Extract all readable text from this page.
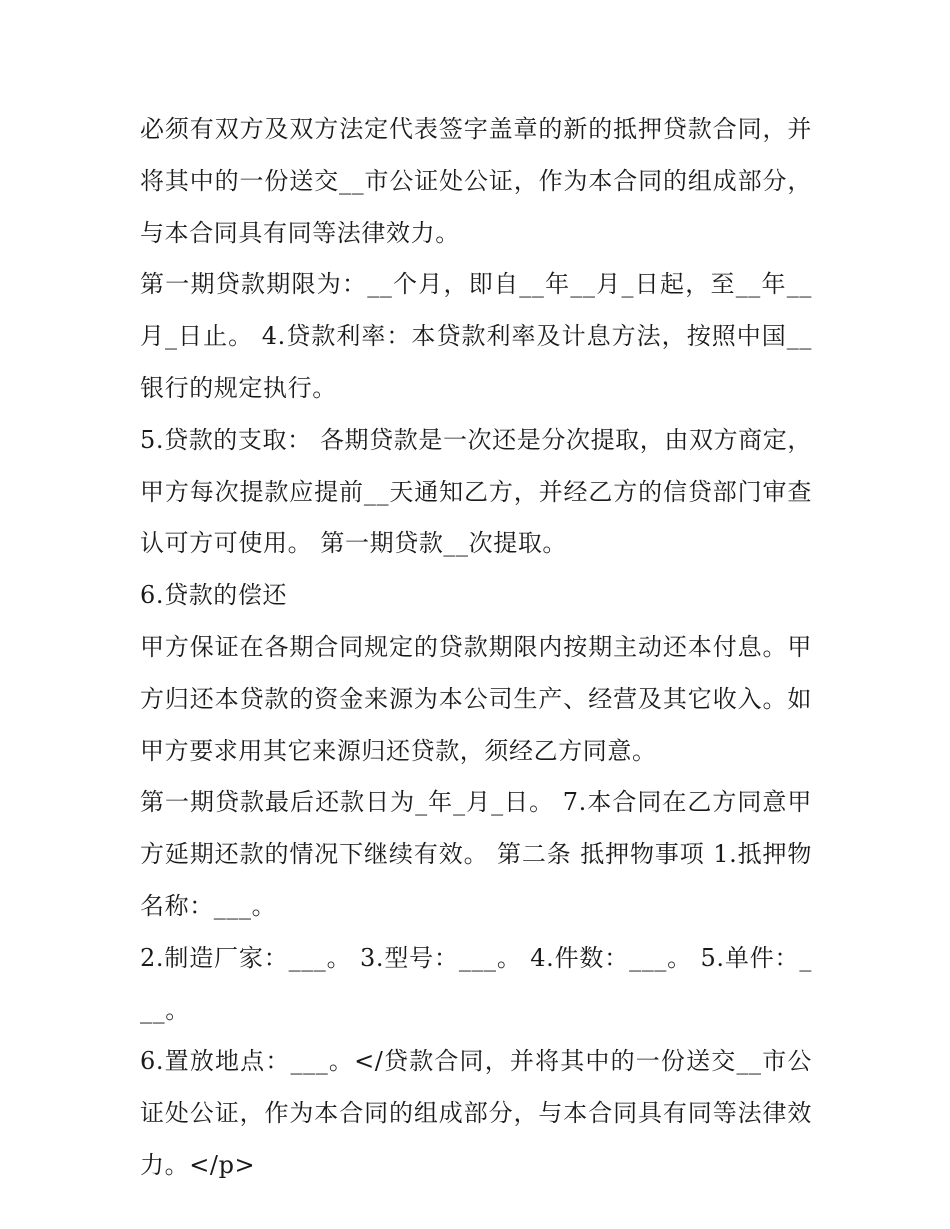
必须有双方及双方法定代表签字盖章的新的抵押贷款合同，并将其中的一份送交__市公证处公证，作为本合同的组成部分，与本合同具有同等法律效力。

第一期贷款期限为：__个月，即自__年__月_日起，至__年__月_日止。 4.贷款利率：本贷款利率及计息方法，按照中国__银行的规定执行。

5.贷款的支取： 各期贷款是一次还是分次提取，由双方商定，甲方每次提款应提前__天通知乙方，并经乙方的信贷部门审查认可方可使用。 第一期贷款__次提取。

6.贷款的偿还

甲方保证在各期合同规定的贷款期限内按期主动还本付息。甲方归还本贷款的资金来源为本公司生产、经营及其它收入。如甲方要求用其它来源归还贷款，须经乙方同意。

第一期贷款最后还款日为_年_月_日。 7.本合同在乙方同意甲方延期还款的情况下继续有效。 第二条 抵押物事项 1.抵押物名称：___。

2.制造厂家：___。 3.型号：___。 4.件数：___。 5.单件：___。

6.置放地点：___。</贷款合同，并将其中的一份送交__市公证处公证，作为本合同的组成部分，与本合同具有同等法律效力。</p>
